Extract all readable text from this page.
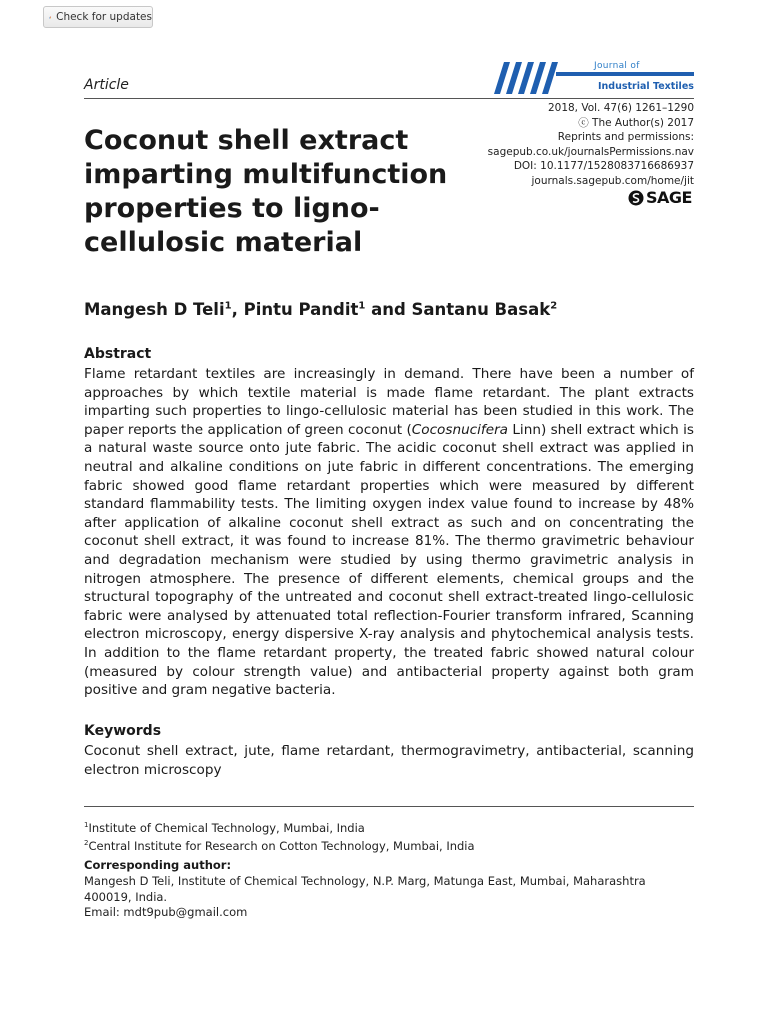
Check for updates
Article
Journal of
Industrial Textiles
2018, Vol. 47(6) 1261–1290
ⓒ The Author(s) 2017
Reprints and permissions:
sagepub.co.uk/journalsPermissions.nav
DOI: 10.1177/1528083716686937
journals.sagepub.com/home/jit
SAGE
Coconut shell extract
imparting multifunction
properties to ligno-
cellulosic material
Mangesh D Teli$^1$, Pintu Pandit$^1$ and Santanu Basak$^2$
Abstract
Flame retardant textiles are increasingly in demand. There have been a number of approaches by which textile material is made flame retardant. The plant extracts imparting such properties to lingo-cellulosic material has been studied in this work. The paper reports the application of green coconut (Cocosnucifera Linn) shell extract which is a natural waste source onto jute fabric. The acidic coconut shell extract was applied in neutral and alkaline conditions on jute fabric in different concentrations. The emerging fabric showed good flame retardant properties which were measured by different standard flammability tests. The limiting oxygen index value found to increase by 48% after application of alkaline coconut shell extract as such and on concentrating the coconut shell extract, it was found to increase 81%. The thermo gravimetric behaviour and degradation mechanism were studied by using thermo gravimetric analysis in nitrogen atmosphere. The presence of different elements, chemical groups and the structural topography of the untreated and coconut shell extract-treated lingo-cellulosic fabric were analysed by attenuated total reflection-Fourier transform infrared, Scanning electron microscopy, energy dispersive X-ray analysis and phytochemical analysis tests. In addition to the flame retardant property, the treated fabric showed natural colour (measured by colour strength value) and antibacterial property against both gram positive and gram negative bacteria.
Keywords
Coconut shell extract, jute, flame retardant, thermogravimetry, antibacterial, scanning electron microscopy
$^1$Institute of Chemical Technology, Mumbai, India
$^2$Central Institute for Research on Cotton Technology, Mumbai, India
Corresponding author:
Mangesh D Teli, Institute of Chemical Technology, N.P. Marg, Matunga East, Mumbai, Maharashtra 400019, India.
Email: mdt9pub@gmail.com
